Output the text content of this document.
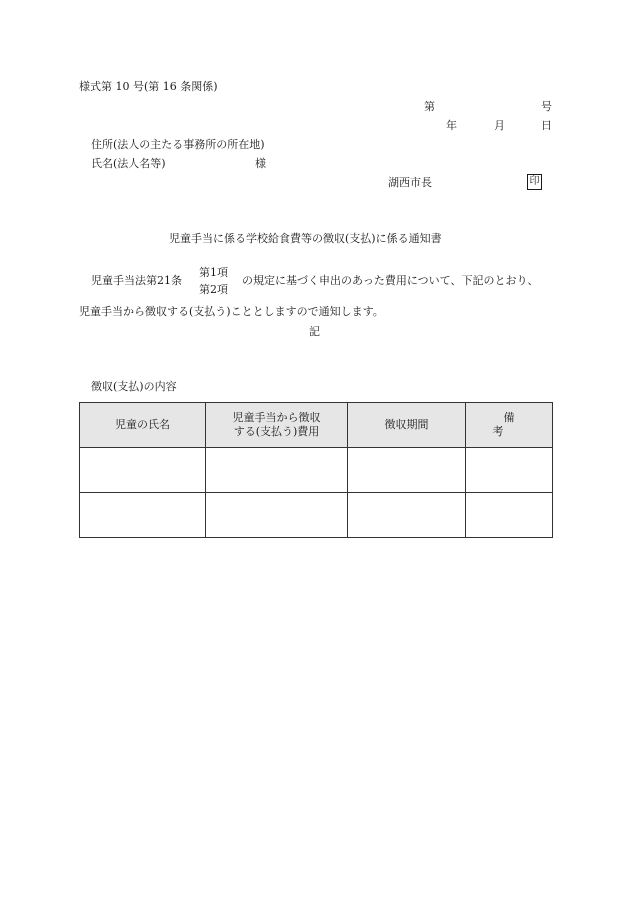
様式第 10 号(第 16 条関係)
第	号
年	月	日
住所(法人の主たる事務所の所在地)
氏名(法人名等)	様
湖西市長	印
児童手当に係る学校給食費等の徴収(支払)に係る通知書
児童手当法第21条
第1項
第2項
の規定に基づく申出のあった費用について、下記のとおり、
児童手当から徴収する(支払う)こととしますので通知します。
記
徴収(支払)の内容
児童の氏名	児童手当から徴収
する(支払う)費用	徴収期間	備考
